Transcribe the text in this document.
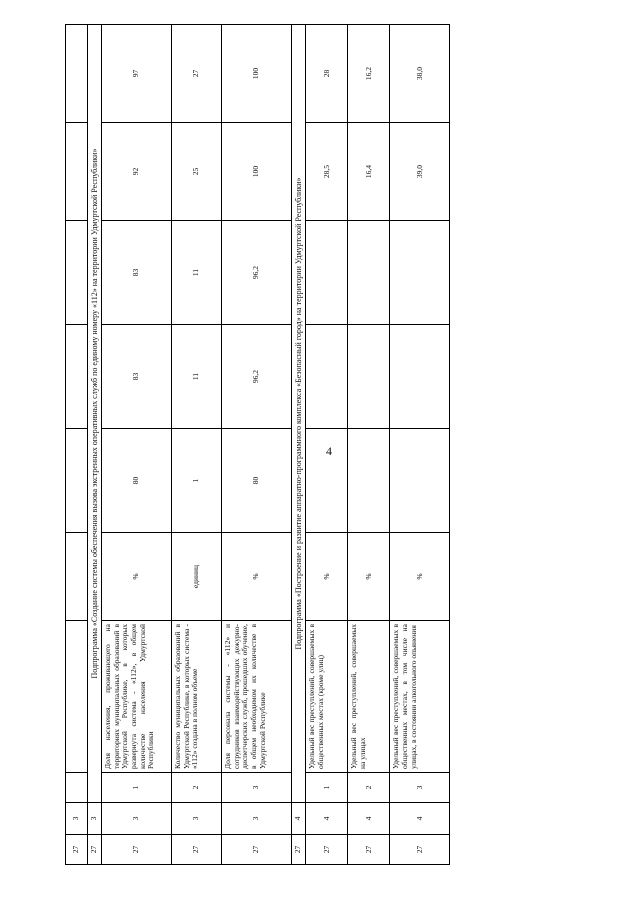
4
27	3								
27	3	Подпрограмма «Создание системы обеспечения вызова экстренных оперативных служб по единому номеру «112» на территории Удмуртской Республики»							
27	3	1	Доля населения, проживающего на территориях муниципальных образований в Удмуртской Республике, в которых развернута система - «112», в общем количестве населения Удмуртской Республики	%	80	83	83	92	97
27	3	2	Количество муниципальных образований в Удмуртской Республике, в которых система - «112» создана в полном объеме	единиц	1	11	11	25	27
27	3	3	Доля персонала системы - «112» и сотрудников взаимодействующих дежурно-диспетчерских служб, прошедших обучение, в общем необходимом их количестве в Удмуртской Республике	%	80	96,2	96,2	100	100
27	4	Подпрограмма «Построение и развитие аппаратно-программного комплекса «Безопасный город» на территории Удмуртской Республики»							
27	4	1	Удельный вес преступлений, совершаемых в общественных местах (кроме улиц)	%				28,5	28
27	4	2	Удельный вес преступлений, совершаемых на улицах	%				16,4	16,2
27	4	3	Удельный вес преступлений, совершаемых в общественных местах, в том числе на улицах, в состоянии алкогольного опьянения	%				39,0	38,0
